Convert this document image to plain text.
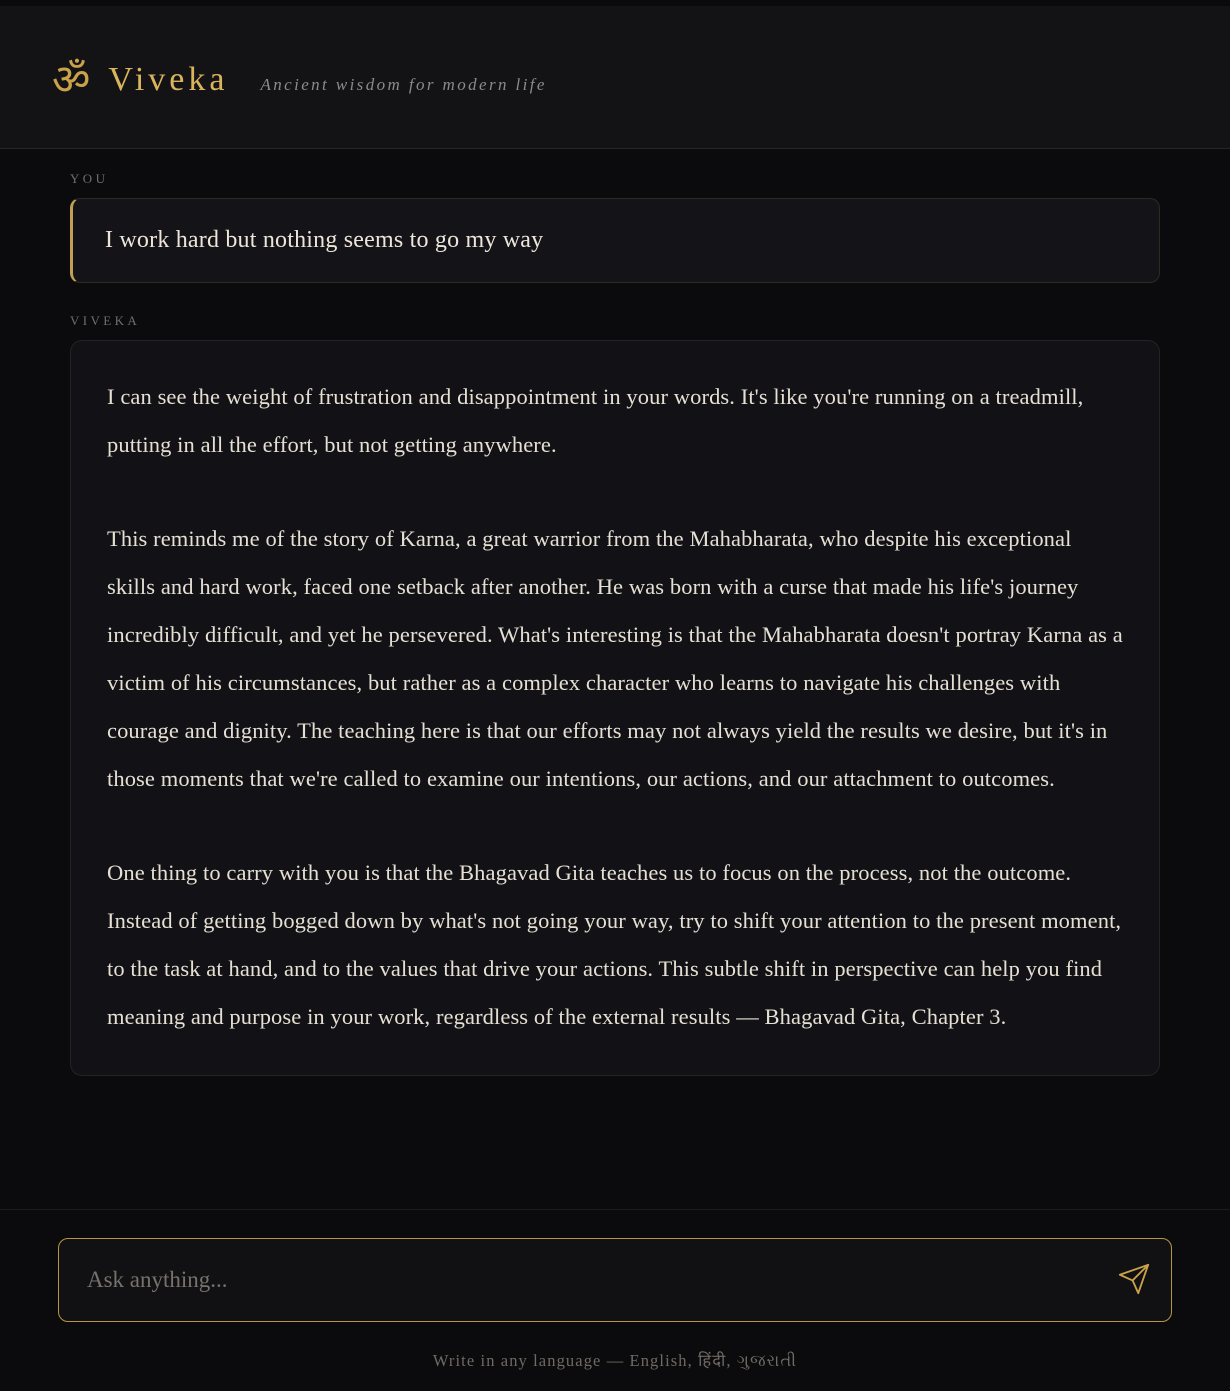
ॐ Viveka Ancient wisdom for modern life
YOU
I work hard but nothing seems to go my way
VIVEKA

I can see the weight of frustration and disappointment in your words. It's like you're running on a treadmill, putting in all the effort, but not getting anywhere.

This reminds me of the story of Karna, a great warrior from the Mahabharata, who despite his exceptional skills and hard work, faced one setback after another. He was born with a curse that made his life's journey incredibly difficult, and yet he persevered. What's interesting is that the Mahabharata doesn't portray Karna as a victim of his circumstances, but rather as a complex character who learns to navigate his challenges with courage and dignity. The teaching here is that our efforts may not always yield the results we desire, but it's in those moments that we're called to examine our intentions, our actions, and our attachment to outcomes.

One thing to carry with you is that the Bhagavad Gita teaches us to focus on the process, not the outcome. Instead of getting bogged down by what's not going your way, try to shift your attention to the present moment, to the task at hand, and to the values that drive your actions. This subtle shift in perspective can help you find meaning and purpose in your work, regardless of the external results — Bhagavad Gita, Chapter 3.

Ask anything...
Write in any language — English, हिंदी, ગુજરાતી
